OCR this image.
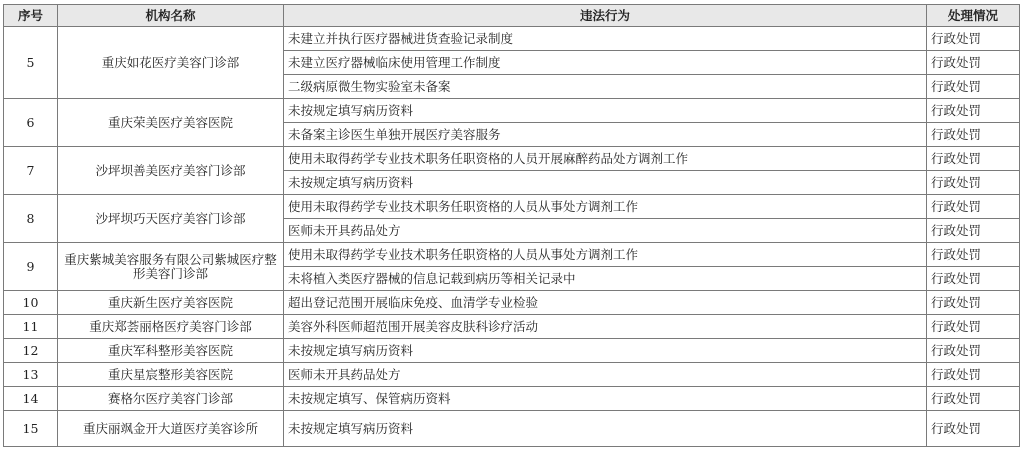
序号	机构名称	违法行为	处理情况
5	重庆如花医疗美容门诊部	未建立并执行医疗器械进货查验记录制度	行政处罚
		未建立医疗器械临床使用管理工作制度	行政处罚
		二级病原微生物实验室未备案	行政处罚
6	重庆荣美医疗美容医院	未按规定填写病历资料	行政处罚
		未备案主诊医生单独开展医疗美容服务	行政处罚
7	沙坪坝善美医疗美容门诊部	使用未取得药学专业技术职务任职资格的人员开展麻醉药品处方调剂工作	行政处罚
		未按规定填写病历资料	行政处罚
8	沙坪坝巧天医疗美容门诊部	使用未取得药学专业技术职务任职资格的人员从事处方调剂工作	行政处罚
		医师未开具药品处方	行政处罚
9	重庆紫城美容服务有限公司紫城医疗整形美容门诊部	使用未取得药学专业技术职务任职资格的人员从事处方调剂工作	行政处罚
		未将植入类医疗器械的信息记载到病历等相关记录中	行政处罚
10	重庆新生医疗美容医院	超出登记范围开展临床免疫、血清学专业检验	行政处罚
11	重庆郑荟丽格医疗美容门诊部	美容外科医师超范围开展美容皮肤科诊疗活动	行政处罚
12	重庆军科整形美容医院	未按规定填写病历资料	行政处罚
13	重庆星宸整形美容医院	医师未开具药品处方	行政处罚
14	赛格尔医疗美容门诊部	未按规定填写、保管病历资料	行政处罚
15	重庆丽飒金开大道医疗美容诊所	未按规定填写病历资料	行政处罚
